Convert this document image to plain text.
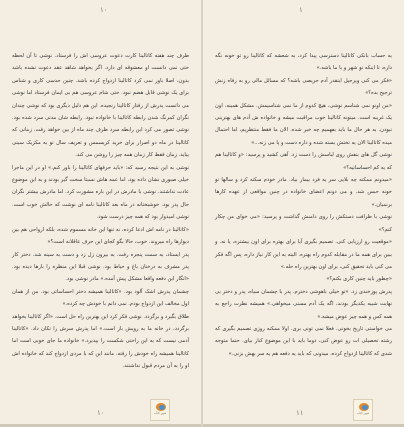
۱۰
ظرف چند هفته کاتالینا کارت دعوت عروسی اش را فرستاد. نوشی تا آن لحظه حتی نمی دانست او معشوقه ای دارد. اگر بخواهد شاهد عقد دعوت نشده باشد بدون، اصلا باور نمی کرد کاتالینا ازدواج کرده باشد. چنین حدسی کاری و شناس برای یک نوشی قابل هضم نبود. حتی شام عروسی هم بی ایمان فرستاد اما نوشی می دانست پدرش از رفتار کاتالینا رنجیده. این هم دلیل دیگری بود که نوشی چندان نگران کمرنگ شدن رابطه کاتالینا با خانواده نبود. رابطه شان مدتی سرد شده بود. نوشی تصور می کرد این رابطه سرد ظرف چند ماه از بین خواهد رفت. زمانی که کاتالینا در ماه دو اصرار برای خرید کریسمس و تعریف سال نو به مکزیک سیتی بیاید. زمان فقط کار زمان همه چیز را روشن می کند.
نوشی به این نتیجه رسید که: «باید حرفهای کاتالینا را باور کنم.» او در این ماجرا خیلی صبوری نشان داده بود، اما عمه هاش نسبتا سخت گیر بودند و به این موضوع عادت نداشتند. نوشی با مادرش در این باره مشورت کرد. اما مادرش بیشتر نگران حال پدر بود. خوشبختانه در ماه بعد کاتالینا نامه ای نوشت که حالش خوب است. نوشی امیدوار بود که همه چیز درست شود.
«کاتالینا در نامه اش ادعا کرده، نه تنها این خانه مسموم شده، بلکه ارواحی هم بین دیوارها راه میروند. خوب، حالا بگو کجای این حرف عاقلانه است؟»
پدر ایستاد، به سمت پنجره رفت. به بیرون زل زد و دست به سینه شد. دختر کار پدر مشرف به درختان باغ و حیاط بود. نوشی قبلا این منظره را بارها دیده بود. «انگار این دفعه واقعا مشکل پیش آمده.» مادر نوشی بود.
چشمان پدرش اشک آلود بود. «کاتالینا همیشه دختر احساساتی بود. من از همان اول مخالف این ازدواج بودم. نمی دانم با خودش چه کرده.»
طلاق بگیرد و برگردد. نوشی فکر کرد این بهترین راه حل است. «اگر کاتالینا بخواهد برگردد، در خانه ما به رویش باز است.» اما پدرش سرش را تکان داد. «کاتالینا آدمی نیست که به این راحتی شکست را بپذیرد.» خانواده ما جای خوبی است اما کاتالینا همیشه راه خودش را رفته. مانند این که با مردی ازدواج کند که خانواده اش او را به آن مردم قبول نداشتند.
۱۰	شهر کتاب
۱
به حساب بانکی کاتالینا دسترسی پیدا کرد، به شعشه که کاتالینا رو تو خونه نگه داره، تا اینکه تو شهر و با ما باشه.»
«فکر می کنی ویرجیل اینقدر آدم حریصی باشه؟ که مسائل مالی رو به رفاه زنش ترجیح بده؟»
«من اونو نمی شناسم نوشی، هیچ کدوم از ما نمی شناسیمش. مشکل همینه. اون یک غریبه است. میتونه کاتالینا خوب مراقبت میشه و خانواده ش آدم های بهترینی نبودن. به هر حال ما باید بفهمیم چه خبر شده. الان ما فقط منتظریم، اما احتمال میده کاتالینا الان یه تختش بسته شده و داره دست و پا می زنه...»
نوشی گل های بنفش روی لباسش را دست زد. آهی کشید و پرسید: «و کاتالینا هم که یه کم احساساتیه؟»
«میدونم ممکنه چه بلایی سر یه فرد بیمار بیاد. مادر خودم سکته کرد و سالها تو خونه حبس شد. و می دونم اعضای خانواده در چنین مواقعی از عهده کارها برنمیان.»
نوشی با ظرافت دستکش را روی دامنش گذاشت و پرسید: «می خوای من چکار کنم؟»
«موقعیت رو ارزیابی کنی. تصمیم بگیری آیا برای بهتره برای اون بیشتره، یا نه. و ببین برای همه ما در مقابله کدوم راه بهتره. البته به این کار نیاز داره، پس اگه فکر می کنی باید تحقیق کنی، برای اون بهترین راه حله.»
«چطور باید چنین کاری بکنم؟»
پدرش پوزخندی زد. «تو خیلی باهوشی دخترم. پدر با چشمان سیاه، پدر و دختر بی نهایت شبیه یکدیگر بودند، اگه یک آدم مسنی میخواهی.» همیشه نظرت راجع به همه کس و همه چیز عوض میشه.»
می خواستی تاریخ بخونی. فعلا نمی تونی بری. اولا ممکنه روزی تصمیم بگیری که رشته تحصیلی ات رو عوض کنی، دوما باید با این موضوع کنار بیای. حتما متوجه شدی که کاتالینا ازدواج کرده، میدونی که باید یه دفعه هم یه سر بهش بزنی.»
۱۱	شهر کتاب
